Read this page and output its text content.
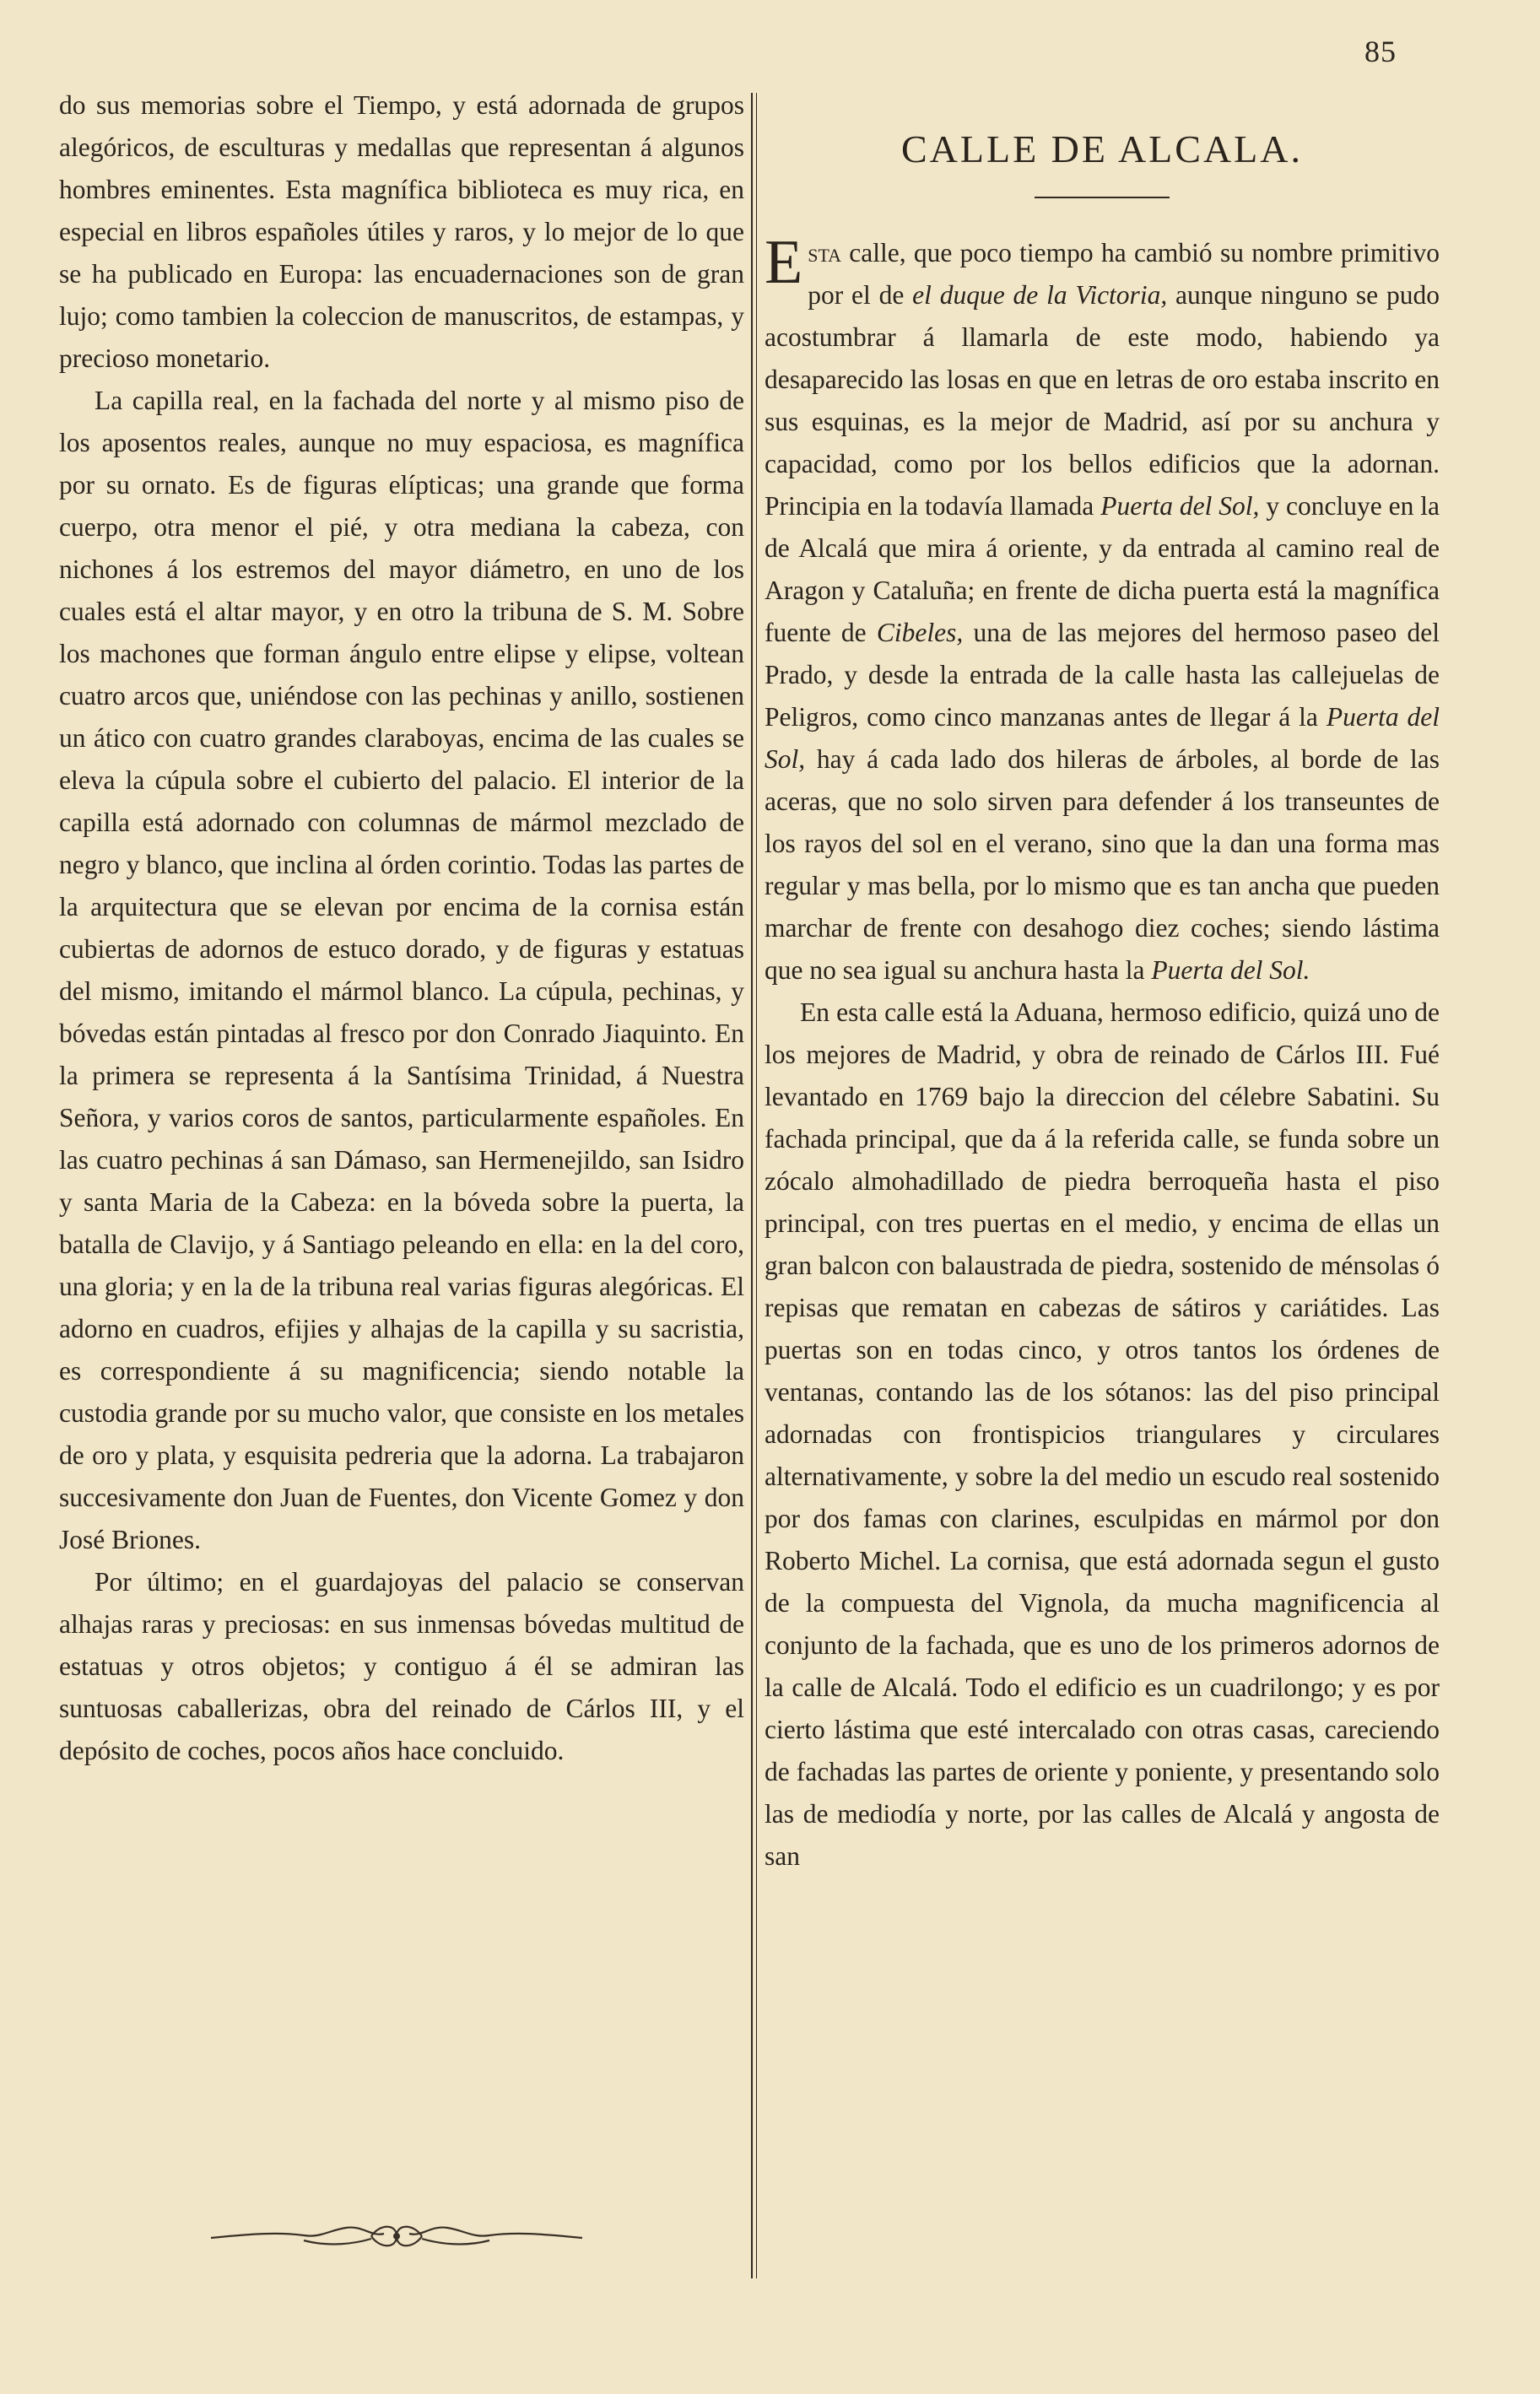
85

do sus memorias sobre el Tiempo, y está adornada de grupos alegóricos, de esculturas y medallas que representan á algunos hombres eminentes. Esta magnífica biblioteca es muy rica, en especial en libros españoles útiles y raros, y lo mejor de lo que se ha publicado en Europa: las encuadernaciones son de gran lujo; como tambien la coleccion de manuscritos, de estampas, y precioso monetario.

La capilla real, en la fachada del norte y al mismo piso de los aposentos reales, aunque no muy espaciosa, es magnífica por su ornato. Es de figuras elípticas; una grande que forma cuerpo, otra menor el pié, y otra mediana la cabeza, con nichones á los estremos del mayor diámetro, en uno de los cuales está el altar mayor, y en otro la tribuna de S. M. Sobre los machones que forman ángulo entre elipse y elipse, voltean cuatro arcos que, uniéndose con las pechinas y anillo, sostienen un ático con cuatro grandes claraboyas, encima de las cuales se eleva la cúpula sobre el cubierto del palacio. El interior de la capilla está adornado con columnas de mármol mezclado de negro y blanco, que inclina al órden corintio. Todas las partes de la arquitectura que se elevan por encima de la cornisa están cubiertas de adornos de estuco dorado, y de figuras y estatuas del mismo, imitando el mármol blanco. La cúpula, pechinas, y bóvedas están pintadas al fresco por don Conrado Jiaquinto. En la primera se representa á la Santísima Trinidad, á Nuestra Señora, y varios coros de santos, particularmente españoles. En las cuatro pechinas á san Dámaso, san Hermenejildo, san Isidro y santa Maria de la Cabeza: en la bóveda sobre la puerta, la batalla de Clavijo, y á Santiago peleando en ella: en la del coro, una gloria; y en la de la tribuna real varias figuras alegóricas. El adorno en cuadros, efijies y alhajas de la capilla y su sacristia, es correspondiente á su magnificencia; siendo notable la custodia grande por su mucho valor, que consiste en los metales de oro y plata, y esquisita pedreria que la adorna. La trabajaron succesivamente don Juan de Fuentes, don Vicente Gomez y don José Briones.

Por último; en el guardajoyas del palacio se conservan alhajas raras y preciosas: en sus inmensas bóvedas multitud de estatuas y otros objetos; y contiguo á él se admiran las suntuosas caballerizas, obra del reinado de Cárlos III, y el depósito de coches, pocos años hace concluido.

CALLE DE ALCALA.

Esta calle, que poco tiempo ha cambió su nombre primitivo por el de el duque de la Victoria, aunque ninguno se pudo acostumbrar á llamarla de este modo, habiendo ya desaparecido las losas en que en letras de oro estaba inscrito en sus esquinas, es la mejor de Madrid, así por su anchura y capacidad, como por los bellos edificios que la adornan. Principia en la todavía llamada Puerta del Sol, y concluye en la de Alcalá que mira á oriente, y da entrada al camino real de Aragon y Cataluña; en frente de dicha puerta está la magnífica fuente de Cibeles, una de las mejores del hermoso paseo del Prado, y desde la entrada de la calle hasta las callejuelas de Peligros, como cinco manzanas antes de llegar á la Puerta del Sol, hay á cada lado dos hileras de árboles, al borde de las aceras, que no solo sirven para defender á los transeuntes de los rayos del sol en el verano, sino que la dan una forma mas regular y mas bella, por lo mismo que es tan ancha que pueden marchar de frente con desahogo diez coches; siendo lástima que no sea igual su anchura hasta la Puerta del Sol.

En esta calle está la Aduana, hermoso edificio, quizá uno de los mejores de Madrid, y obra de reinado de Cárlos III. Fué levantado en 1769 bajo la direccion del célebre Sabatini. Su fachada principal, que da á la referida calle, se funda sobre un zócalo almohadillado de piedra berroqueña hasta el piso principal, con tres puertas en el medio, y encima de ellas un gran balcon con balaustrada de piedra, sostenido de ménsolas ó repisas que rematan en cabezas de sátiros y cariátides. Las puertas son en todas cinco, y otros tantos los órdenes de ventanas, contando las de los sótanos: las del piso principal adornadas con frontispicios triangulares y circulares alternativamente, y sobre la del medio un escudo real sostenido por dos famas con clarines, esculpidas en mármol por don Roberto Michel. La cornisa, que está adornada segun el gusto de la compuesta del Vignola, da mucha magnificencia al conjunto de la fachada, que es uno de los primeros adornos de la calle de Alcalá. Todo el edificio es un cuadrilongo; y es por cierto lástima que esté intercalado con otras casas, careciendo de fachadas las partes de oriente y poniente, y presentando solo las de mediodía y norte, por las calles de Alcalá y angosta de san
